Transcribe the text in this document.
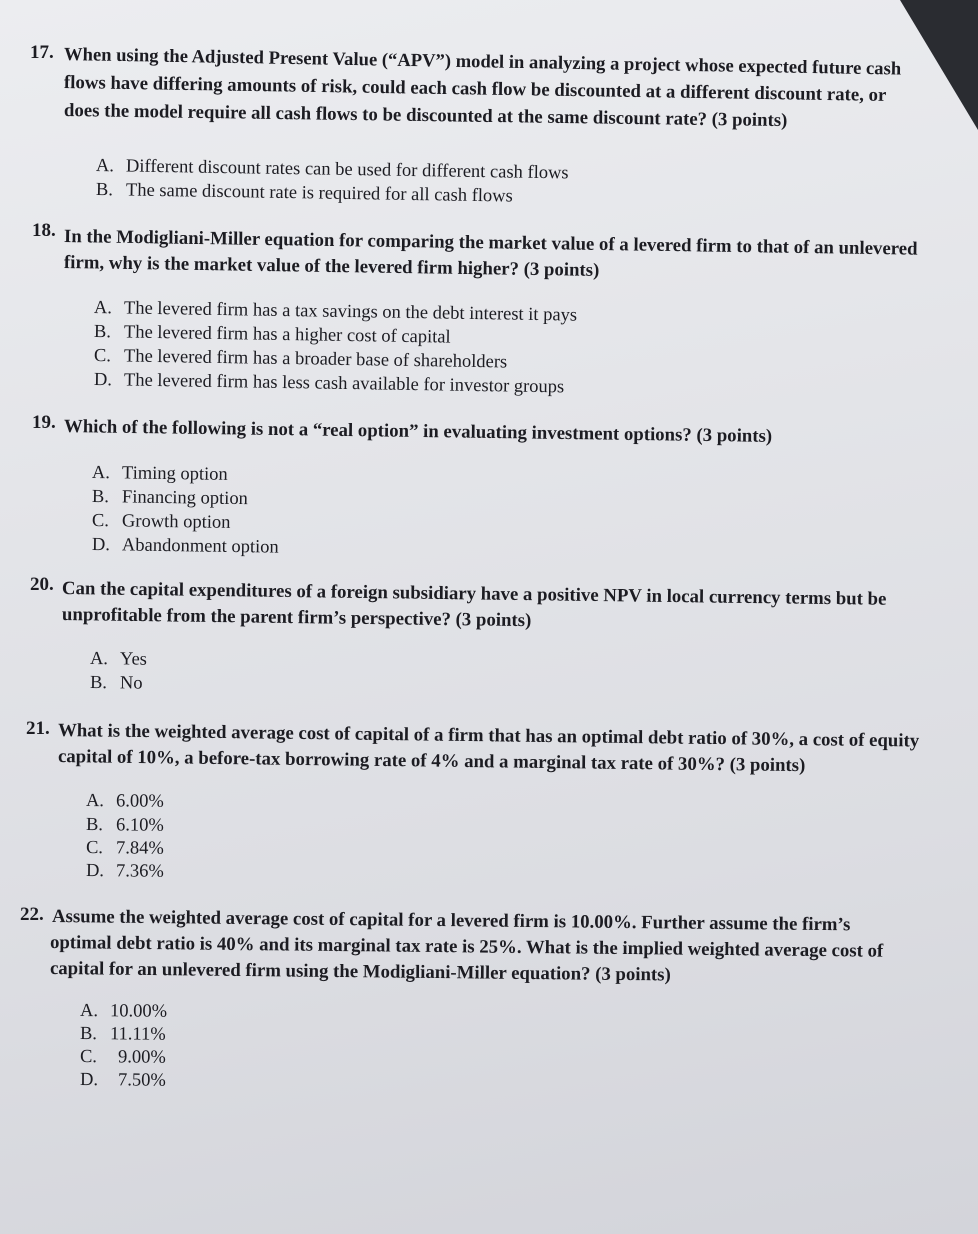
17. When using the Adjusted Present Value (“APV”) model in analyzing a project whose expected future cash
flows have differing amounts of risk, could each cash flow be discounted at a different discount rate, or
does the model require all cash flows to be discounted at the same discount rate? (3 points)
A. Different discount rates can be used for different cash flows
B. The same discount rate is required for all cash flows

18. In the Modigliani-Miller equation for comparing the market value of a levered firm to that of an unlevered
firm, why is the market value of the levered firm higher? (3 points)
A. The levered firm has a tax savings on the debt interest it pays
B. The levered firm has a higher cost of capital
C. The levered firm has a broader base of shareholders
D. The levered firm has less cash available for investor groups

19. Which of the following is not a “real option” in evaluating investment options? (3 points)
A. Timing option
B. Financing option
C. Growth option
D. Abandonment option

20. Can the capital expenditures of a foreign subsidiary have a positive NPV in local currency terms but be
unprofitable from the parent firm’s perspective? (3 points)
A. Yes
B. No

21. What is the weighted average cost of capital of a firm that has an optimal debt ratio of 30%, a cost of equity
capital of 10%, a before-tax borrowing rate of 4% and a marginal tax rate of 30%? (3 points)
A. 6.00%
B. 6.10%
C. 7.84%
D. 7.36%

22. Assume the weighted average cost of capital for a levered firm is 10.00%. Further assume the firm’s
optimal debt ratio is 40% and its marginal tax rate is 25%. What is the implied weighted average cost of
capital for an unlevered firm using the Modigliani-Miller equation? (3 points)
A. 10.00%
B. 11.11%
C. 9.00%
D. 7.50%
